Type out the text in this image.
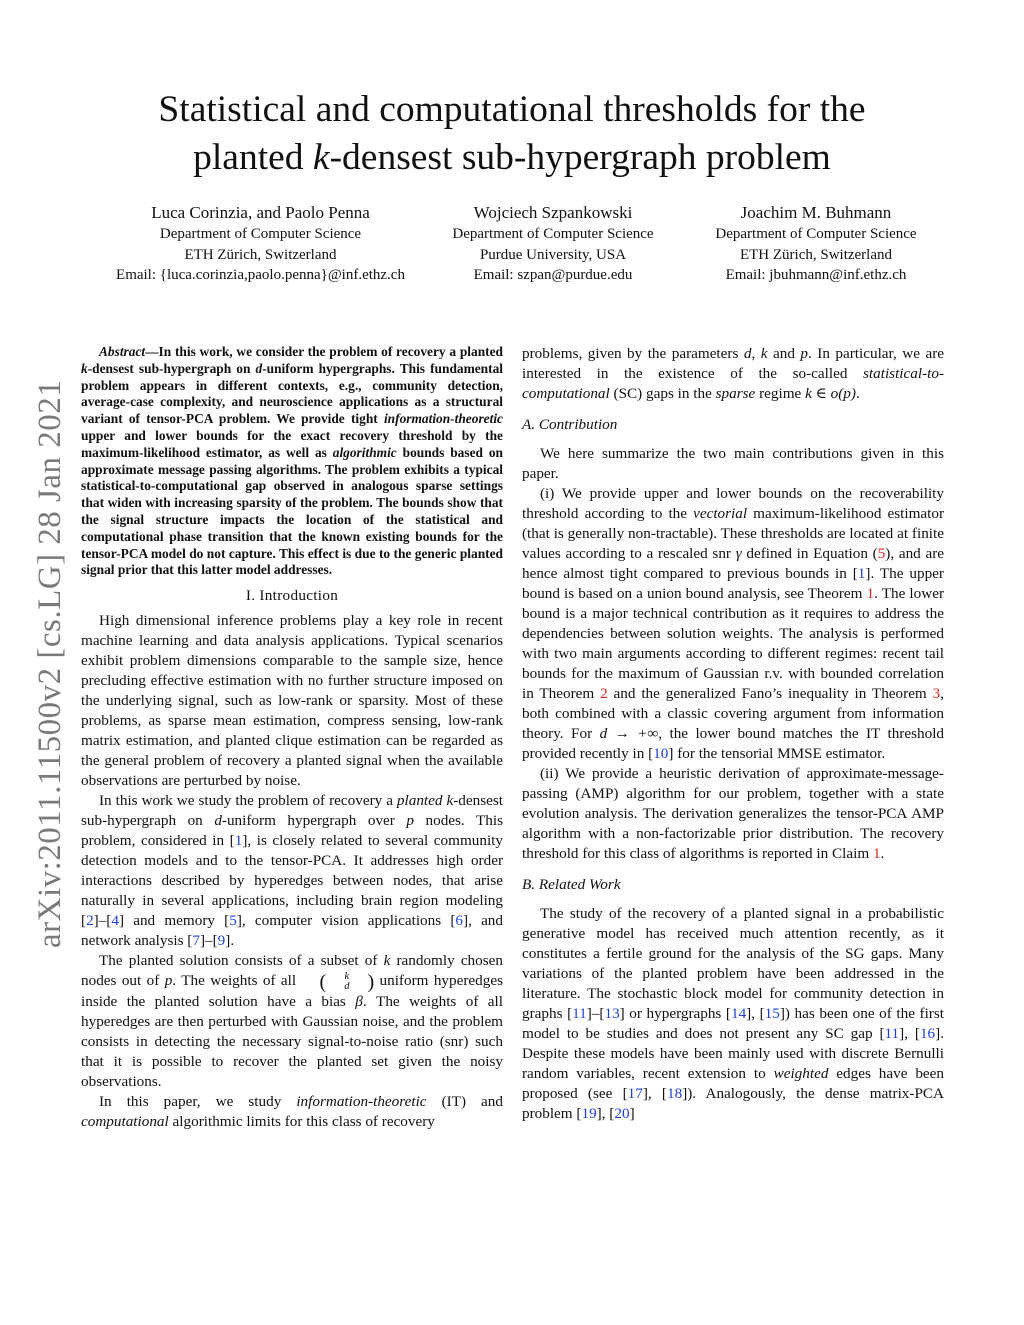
arXiv:2011.11500v2 [cs.LG] 28 Jan 2021
Statistical and computational thresholds for the
planted k-densest sub-hypergraph problem
Luca Corinzia, and Paolo Penna
Department of Computer Science
ETH Zürich, Switzerland
Email: {luca.corinzia,paolo.penna}@inf.ethz.ch
Wojciech Szpankowski
Department of Computer Science
Purdue University, USA
Email: szpan@purdue.edu
Joachim M. Buhmann
Department of Computer Science
ETH Zürich, Switzerland
Email: jbuhmann@inf.ethz.ch

Abstract—In this work, we consider the problem of recovery a planted k-densest sub-hypergraph on d-uniform hypergraphs. This fundamental problem appears in different contexts, e.g., community detection, average-case complexity, and neuroscience applications as a structural variant of tensor-PCA problem. We provide tight information-theoretic upper and lower bounds for the exact recovery threshold by the maximum-likelihood estimator, as well as algorithmic bounds based on approximate message passing algorithms. The problem exhibits a typical statistical-to-computational gap observed in analogous sparse settings that widen with increasing sparsity of the problem. The bounds show that the signal structure impacts the location of the statistical and computational phase transition that the known existing bounds for the tensor-PCA model do not capture. This effect is due to the generic planted signal prior that this latter model addresses.

I. Introduction

High dimensional inference problems play a key role in recent machine learning and data analysis applications. Typical scenarios exhibit problem dimensions comparable to the sample size, hence precluding effective estimation with no further structure imposed on the underlying signal, such as low-rank or sparsity. Most of these problems, as sparse mean estimation, compress sensing, low-rank matrix estimation, and planted clique estimation can be regarded as the general problem of recovery a planted signal when the available observations are perturbed by noise.

In this work we study the problem of recovery a planted k-densest sub-hypergraph on d-uniform hypergraph over p nodes. This problem, considered in [1], is closely related to several community detection models and to the tensor-PCA. It addresses high order interactions described by hyperedges between nodes, that arise naturally in several applications, including brain region modeling [2]–[4] and memory [5], computer vision applications [6], and network analysis [7]–[9].

The planted solution consists of a subset of k randomly chosen nodes out of p. The weights of all (	k
d ) uniform hyperedges inside the planted solution have a bias β. The weights of all hyperedges are then perturbed with Gaussian noise, and the problem consists in detecting the necessary signal-to-noise ratio (snr) such that it is possible to recover the planted set given the noisy observations.

In this paper, we study information-theoretic (IT) and computational algorithmic limits for this class of recovery

problems, given by the parameters d, k and p. In particular, we are interested in the existence of the so-called statistical-to-computational (SC) gaps in the sparse regime k ∈ o(p).

A. Contribution

We here summarize the two main contributions given in this paper.

(i) We provide upper and lower bounds on the recoverability threshold according to the vectorial maximum-likelihood estimator (that is generally non-tractable). These thresholds are located at finite values according to a rescaled snr γ defined in Equation (5), and are hence almost tight compared to previous bounds in [1]. The upper bound is based on a union bound analysis, see Theorem 1. The lower bound is a major technical contribution as it requires to address the dependencies between solution weights. The analysis is performed with two main arguments according to different regimes: recent tail bounds for the maximum of Gaussian r.v. with bounded correlation in Theorem 2 and the generalized Fano’s inequality in Theorem 3, both combined with a classic covering argument from information theory. For d → +∞, the lower bound matches the IT threshold provided recently in [10] for the tensorial MMSE estimator.

(ii) We provide a heuristic derivation of approximate-message-passing (AMP) algorithm for our problem, together with a state evolution analysis. The derivation generalizes the tensor-PCA AMP algorithm with a non-factorizable prior distribution. The recovery threshold for this class of algorithms is reported in Claim 1.

B. Related Work

The study of the recovery of a planted signal in a probabilistic generative model has received much attention recently, as it constitutes a fertile ground for the analysis of the SG gaps. Many variations of the planted problem have been addressed in the literature. The stochastic block model for community detection in graphs [11]–[13] or hypergraphs [14], [15]) has been one of the first model to be studies and does not present any SC gap [11], [16]. Despite these models have been mainly used with discrete Bernulli random variables, recent extension to weighted edges have been proposed (see [17], [18]). Analogously, the dense matrix-PCA problem [19], [20]
